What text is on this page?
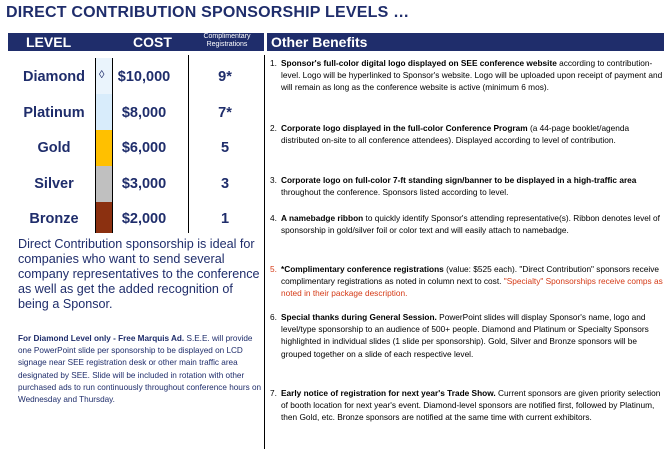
DIRECT CONTRIBUTION SPONSORSHIP LEVELS …
LEVEL	COST	Complimentary Registrations	Other Benefits
◊
Diamond	$10,000	9*
Platinum	$8,000	7*
Gold	$6,000	5
Silver	$3,000	3
Bronze	$2,000	1

Direct Contribution sponsorship is ideal for companies who want to send several company representatives to the conference as well as get the added recognition of being a Sponsor.

For Diamond Level only - Free Marquis Ad. S.E.E. will provide one PowerPoint slide per sponsorship to be displayed on LCD signage near SEE registration desk or other main traffic area designated by SEE. Slide will be included in rotation with other purchased ads to run continuously throughout conference hours on Wednesday and Thursday.

1. Sponsor's full-color digital logo displayed on SEE conference website according to contribution-level. Logo will be hyperlinked to Sponsor's website. Logo will be uploaded upon receipt of payment and will remain as long as the conference website is active (minimum 6 mos).

2. Corporate logo displayed in the full-color Conference Program (a 44-page booklet/agenda distributed on-site to all conference attendees). Displayed according to level of contribution.

3. Corporate logo on full-color 7-ft standing sign/banner to be displayed in a high-traffic area throughout the conference. Sponsors listed according to level.

4. A namebadge ribbon to quickly identify Sponsor's attending representative(s). Ribbon denotes level of sponsorship in gold/silver foil or color text and will easily attach to namebadge.

5. *Complimentary conference registrations (value: $525 each). "Direct Contribution" sponsors receive complimentary registrations as noted in column next to cost. "Specialty" Sponsorships receive comps as noted in their package description.

6. Special thanks during General Session. PowerPoint slides will display Sponsor's name, logo and level/type sponsorship to an audience of 500+ people. Diamond and Platinum or Specialty Sponsors highlighted in individual slides (1 slide per sponsorship). Gold, Silver and Bronze sponsors will be grouped together on a slide of each respective level.

7. Early notice of registration for next year's Trade Show. Current sponsors are given priority selection of booth location for next year's event. Diamond-level sponsors are notified first, followed by Platinum, then Gold, etc. Bronze sponsors are notified at the same time with current exhibitors.
